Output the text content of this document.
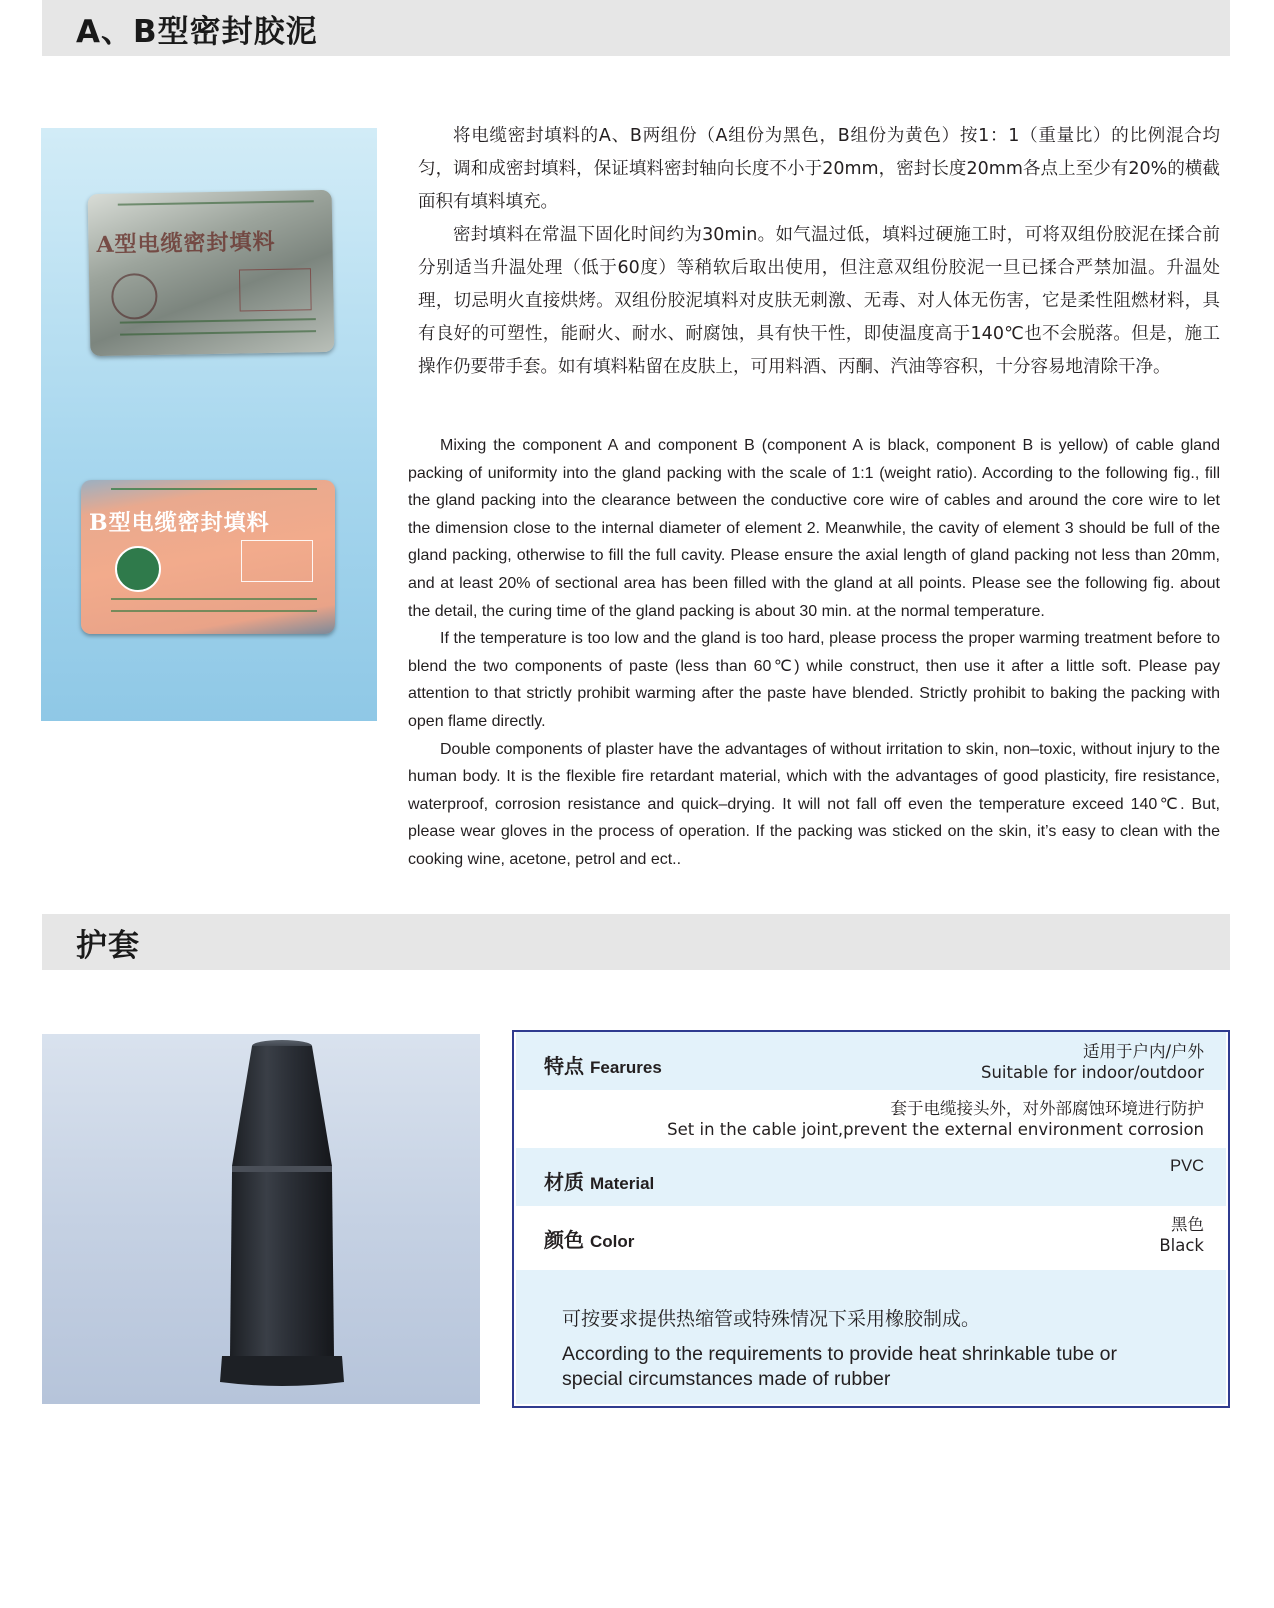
A、B型密封胶泥
A型电缆密封填料
B型电缆密封填料

将电缆密封填料的A、B两组份（A组份为黑色，B组份为黄色）按1：1（重量比）的比例混合均匀，调和成密封填料，保证填料密封轴向长度不小于20mm，密封长度20mm各点上至少有20%的横截面积有填料填充。

密封填料在常温下固化时间约为30min。如气温过低，填料过硬施工时，可将双组份胶泥在揉合前分别适当升温处理（低于60度）等稍软后取出使用，但注意双组份胶泥一旦已揉合严禁加温。升温处理，切忌明火直接烘烤。双组份胶泥填料对皮肤无刺激、无毒、对人体无伤害，它是柔性阻燃材料，具有良好的可塑性，能耐火、耐水、耐腐蚀，具有快干性，即使温度高于140℃也不会脱落。但是，施工操作仍要带手套。如有填料粘留在皮肤上，可用料酒、丙酮、汽油等容积，十分容易地清除干净。

Mixing the component A and component B (component A is black, component B is yellow) of cable gland packing of uniformity into the gland packing with the scale of 1:1 (weight ratio). According to the following fig., fill the gland packing into the clearance between the conductive core wire of cables and around the core wire to let the dimension close to the internal diameter of element 2. Meanwhile, the cavity of element 3 should be full of the gland packing, otherwise to fill the full cavity. Please ensure the axial length of gland packing not less than 20mm, and at least 20% of sectional area has been filled with the gland at all points. Please see the following fig. about the detail, the curing time of the gland packing is about 30 min. at the normal temperature.

If the temperature is too low and the gland is too hard, please process the proper warming treatment before to blend the two components of paste (less than 60℃) while construct, then use it after a little soft. Please pay attention to that strictly prohibit warming after the paste have blended. Strictly prohibit to baking the packing with open flame directly.

Double components of plaster have the advantages of without irritation to skin, non–toxic, without injury to the human body. It is the flexible fire retardant material, which with the advantages of good plasticity, fire resistance, waterproof, corrosion resistance and quick–drying. It will not fall off even the temperature exceed 140℃. But, please wear gloves in the process of operation. If the packing was sticked on the skin, it’s easy to clean with the cooking wine, acetone, petrol and ect..

护套
特点 Fearures
适用于户内/户外
Suitable for indoor/outdoor
套于电缆接头外，对外部腐蚀环境进行防护
Set in the cable joint,prevent the external environment corrosion
材质 Material
PVC
颜色 Color
黑色
Black
可按要求提供热缩管或特殊情况下采用橡胶制成。
According to the requirements to provide heat shrinkable tube or special circumstances made of rubber
